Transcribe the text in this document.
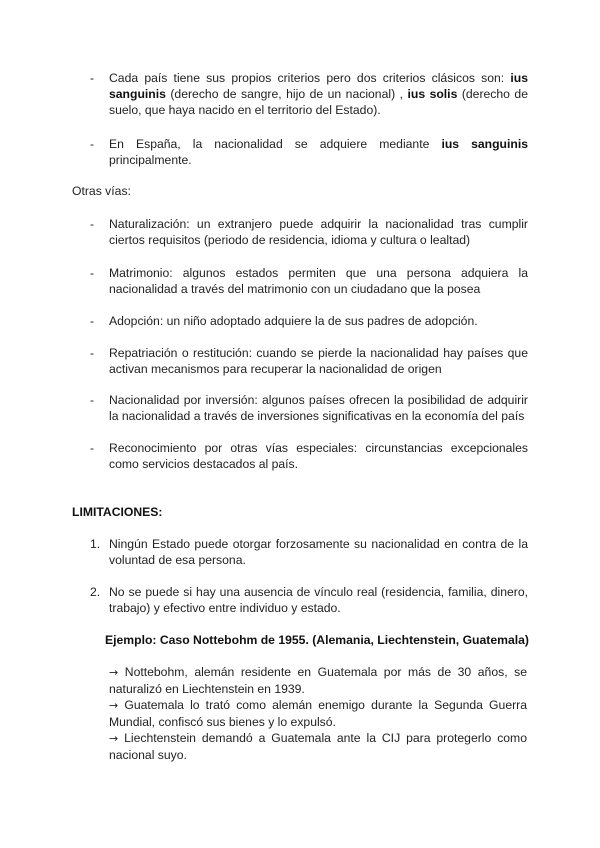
-	Cada país tiene sus propios criterios pero dos criterios clásicos son: ius sanguinis (derecho de sangre, hijo de un nacional) , ius solis (derecho de suelo, que haya nacido en el territorio del Estado).
-	En España, la nacionalidad se adquiere mediante ius sanguinis principalmente.
Otras vías:
-	Naturalización: un extranjero puede adquirir la nacionalidad tras cumplir ciertos requisitos (periodo de residencia, idioma y cultura o lealtad)
-	Matrimonio: algunos estados permiten que una persona adquiera la nacionalidad a través del matrimonio con un ciudadano que la posea
-	Adopción: un niño adoptado adquiere la de sus padres de adopción.
-	Repatriación o restitución: cuando se pierde la nacionalidad hay países que activan mecanismos para recuperar la nacionalidad de origen
-	Nacionalidad por inversión: algunos países ofrecen la posibilidad de adquirir la nacionalidad a través de inversiones significativas en la economía del país
-	Reconocimiento por otras vías especiales: circunstancias excepcionales como servicios destacados al país.
LIMITACIONES:
1. Ningún Estado puede otorgar forzosamente su nacionalidad en contra de la voluntad de esa persona.
2. No se puede si hay una ausencia de vínculo real (residencia, familia, dinero, trabajo) y efectivo entre individuo y estado.
Ejemplo: Caso Nottebohm de 1955. (Alemania, Liechtenstein, Guatemala)

→ Nottebohm, alemán residente en Guatemala por más de 30 años, se naturalizó en Liechtenstein en 1939.

→ Guatemala lo trató como alemán enemigo durante la Segunda Guerra Mundial, confiscó sus bienes y lo expulsó.

→ Liechtenstein demandó a Guatemala ante la CIJ para protegerlo como nacional suyo.
